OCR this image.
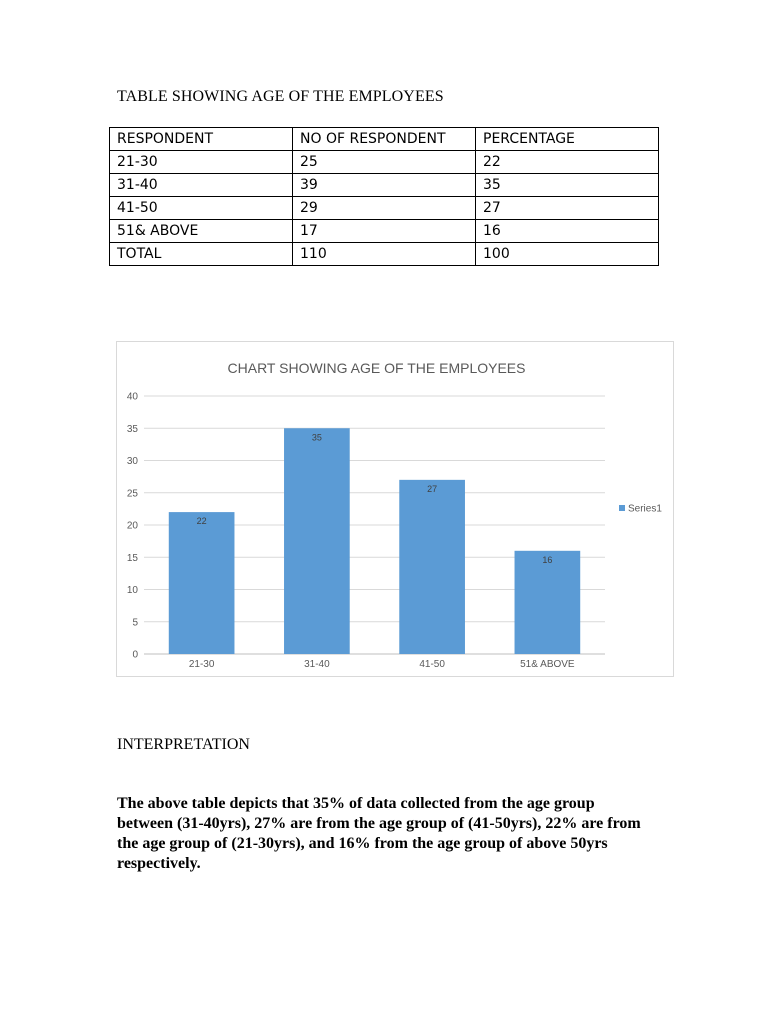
TABLE SHOWING AGE OF THE EMPLOYEES
RESPONDENT	NO OF RESPONDENT	PERCENTAGE
21-30	25	22
31-40	39	35
41-50	29	27
51& ABOVE	17	16
TOTAL	110	100
CHART SHOWING AGE OF THE EMPLOYEES
0
5
10
15
20
25
30
35
40
22
21-30
35
31-40
27
41-50
16
51& ABOVE
Series1
INTERPRETATION
The above table depicts that 35% of data collected from the age group between (31-40yrs), 27% are from the age group of (41-50yrs), 22% are from the age group of (21-30yrs), and 16% from the age group of above 50yrs respectively.
